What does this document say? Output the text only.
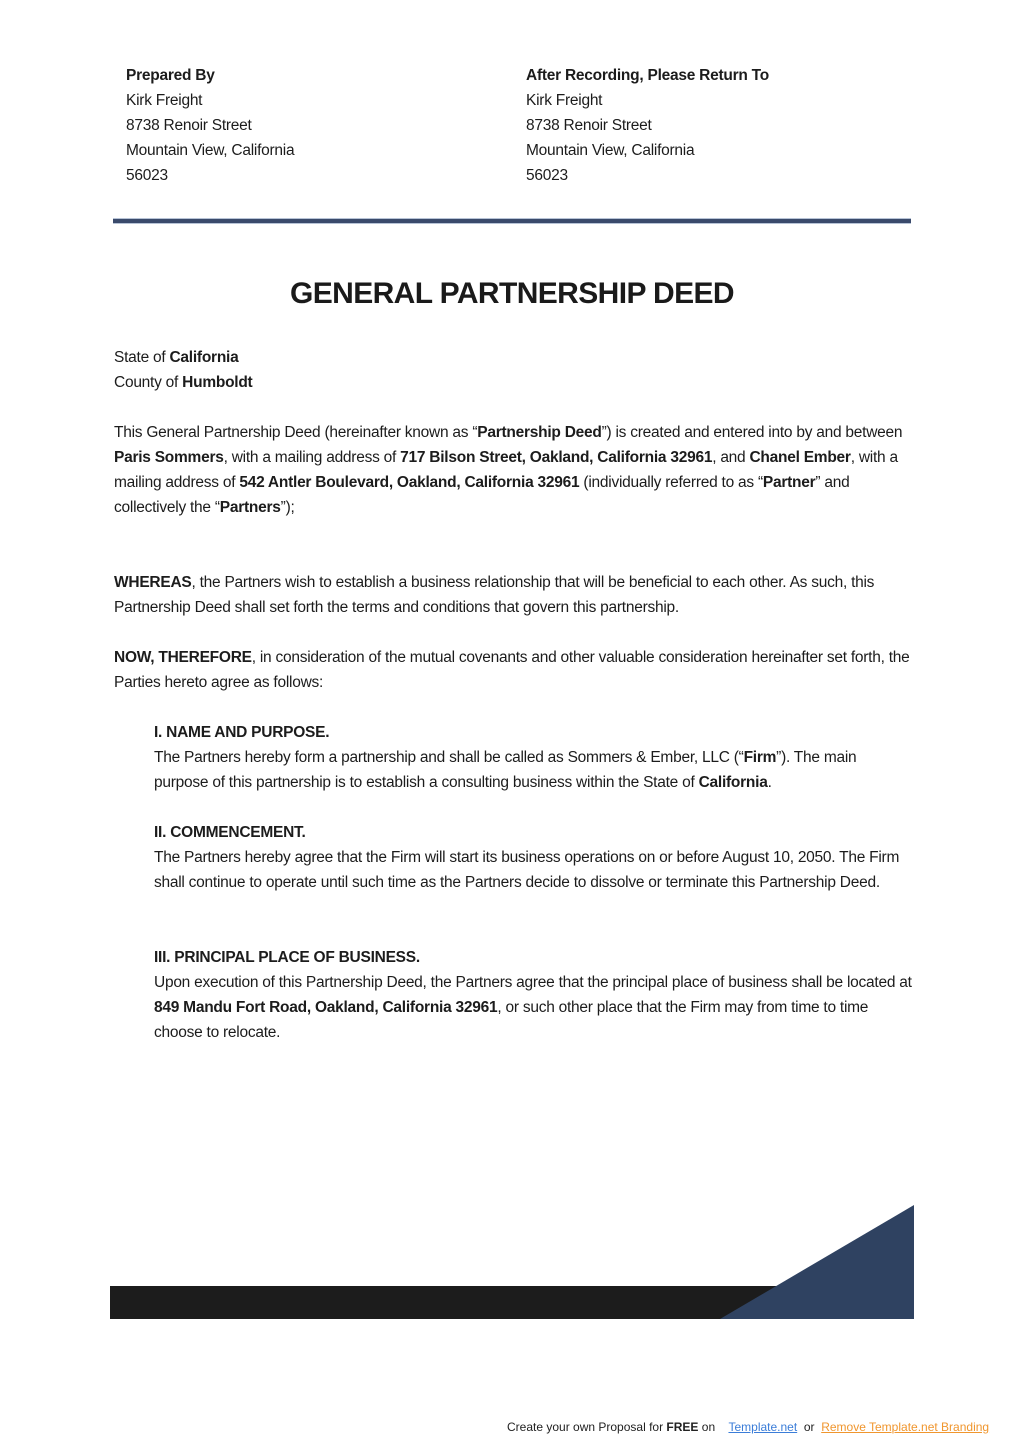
Prepared By
Kirk Freight
8738 Renoir Street
Mountain View, California
56023
After Recording, Please Return To
Kirk Freight
8738 Renoir Street
Mountain View, California
56023
GENERAL PARTNERSHIP DEED

State of California

County of Humboldt

This General Partnership Deed (hereinafter known as “Partnership Deed”) is created and entered into by and between Paris Sommers, with a mailing address of 717 Bilson Street, Oakland, California 32961, and Chanel Ember, with a mailing address of 542 Antler Boulevard, Oakland, California 32961 (individually referred to as “Partner” and collectively the “Partners”);

WHEREAS, the Partners wish to establish a business relationship that will be beneficial to each other. As such, this Partnership Deed shall set forth the terms and conditions that govern this partnership.

NOW, THEREFORE, in consideration of the mutual covenants and other valuable consideration hereinafter set forth, the Parties hereto agree as follows:

I. NAME AND PURPOSE.

The Partners hereby form a partnership and shall be called as Sommers & Ember, LLC (“Firm”). The main purpose of this partnership is to establish a consulting business within the State of California.

II. COMMENCEMENT.

The Partners hereby agree that the Firm will start its business operations on or before August 10, 2050. The Firm shall continue to operate until such time as the Partners decide to dissolve or terminate this Partnership Deed.

III. PRINCIPAL PLACE OF BUSINESS.

Upon execution of this Partnership Deed, the Partners agree that the principal place of business shall be located at 849 Mandu Fort Road, Oakland, California 32961, or such other place that the Firm may from time to time choose to relocate.

Create your own Proposal for FREE on Template.net or Remove Template.net Branding
